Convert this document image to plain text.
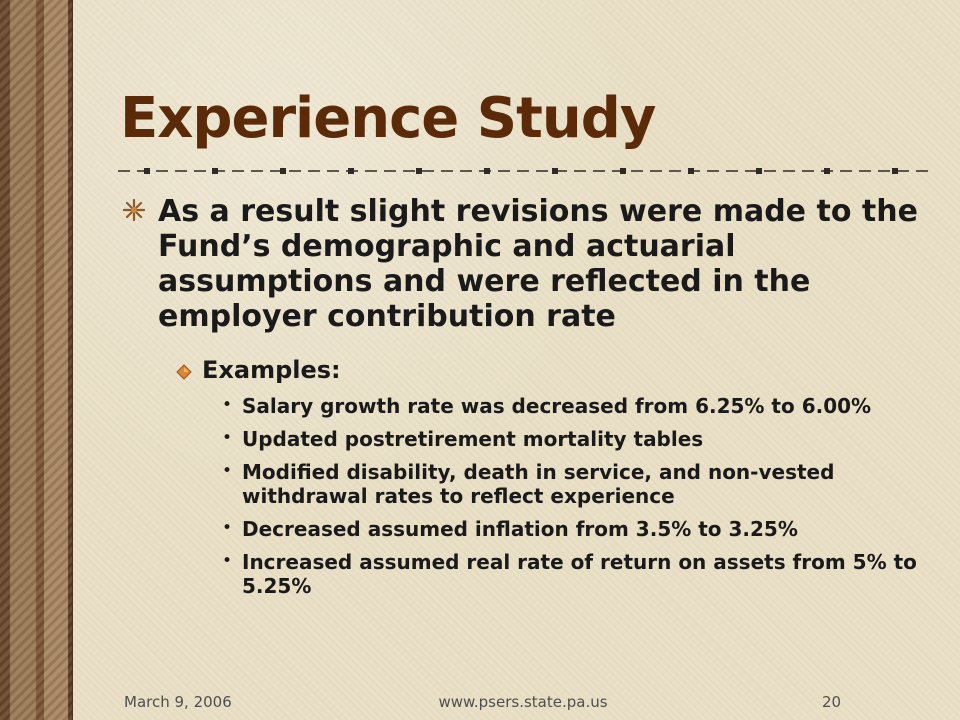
Experience Study
As a result slight revisions were made to the Fund’s demographic and actuarial assumptions and were reflected in the employer contribution rate
Examples:
• Salary growth rate was decreased from 6.25% to 6.00%
• Updated postretirement mortality tables
• Modified disability, death in service, and non-vested withdrawal rates to reflect experience
• Decreased assumed inflation from 3.5% to 3.25%
• Increased assumed real rate of return on assets from 5% to 5.25%
March 9, 2006	www.psers.state.pa.us	20
